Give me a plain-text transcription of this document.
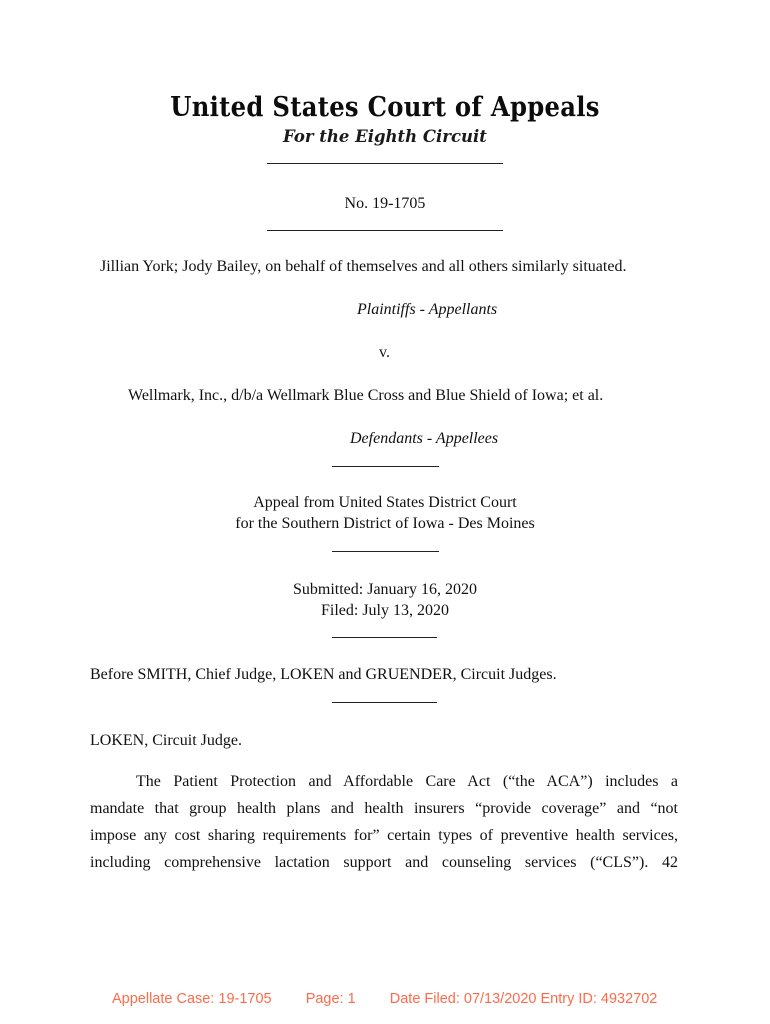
United States Court of Appeals
For the Eighth Circuit
No. 19-1705
Jillian York; Jody Bailey, on behalf of themselves and all others similarly situated.
Plaintiffs - Appellants
v.
Wellmark, Inc., d/b/a Wellmark Blue Cross and Blue Shield of Iowa; et al.
Defendants - Appellees
Appeal from United States District Court
for the Southern District of Iowa - Des Moines
Submitted: January 16, 2020
Filed: July 13, 2020
Before SMITH, Chief Judge, LOKEN and GRUENDER, Circuit Judges.
LOKEN, Circuit Judge.
The Patient Protection and Affordable Care Act (“the ACA”) includes a
mandate that group health plans and health insurers “provide coverage” and “not
impose any cost sharing requirements for” certain types of preventive health services,
including comprehensive lactation support and counseling services (“CLS”). 42
Appellate Case: 19-1705 Page: 1 Date Filed: 07/13/2020 Entry ID: 4932702
